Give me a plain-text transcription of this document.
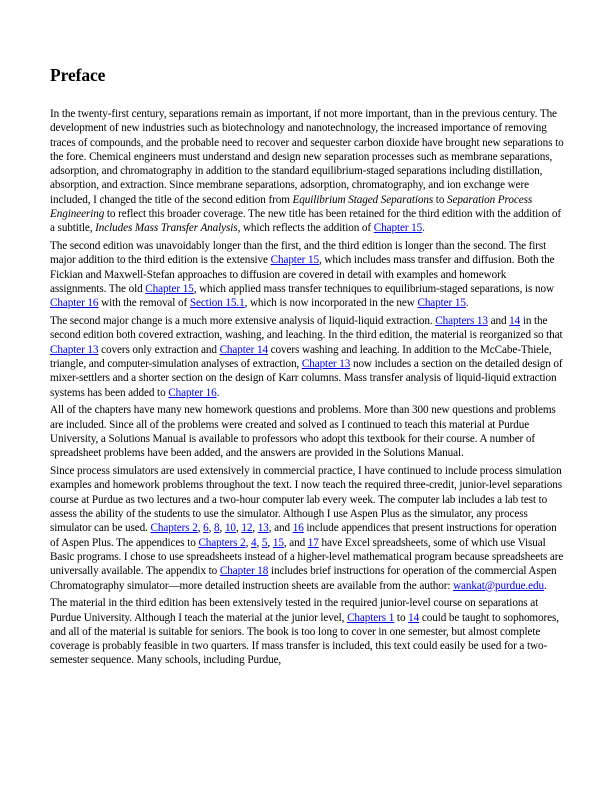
Preface

In the twenty-first century, separations remain as important, if not more important, than in the previous century. The development of new industries such as biotechnology and nanotechnology, the increased importance of removing traces of compounds, and the probable need to recover and sequester carbon dioxide have brought new separations to the fore. Chemical engineers must understand and design new separation processes such as membrane separations, adsorption, and chromatography in addition to the standard equilibrium-staged separations including distillation, absorption, and extraction. Since membrane separations, adsorption, chromatography, and ion exchange were included, I changed the title of the second edition from Equilibrium Staged Separations to Separation Process Engineering to reflect this broader coverage. The new title has been retained for the third edition with the addition of a subtitle, Includes Mass Transfer Analysis, which reflects the addition of Chapter 15.

The second edition was unavoidably longer than the first, and the third edition is longer than the second. The first major addition to the third edition is the extensive Chapter 15, which includes mass transfer and diffusion. Both the Fickian and Maxwell-Stefan approaches to diffusion are covered in detail with examples and homework assignments. The old Chapter 15, which applied mass transfer techniques to equilibrium-staged separations, is now Chapter 16 with the removal of Section 15.1, which is now incorporated in the new Chapter 15.

The second major change is a much more extensive analysis of liquid-liquid extraction. Chapters 13 and 14 in the second edition both covered extraction, washing, and leaching. In the third edition, the material is reorganized so that Chapter 13 covers only extraction and Chapter 14 covers washing and leaching. In addition to the McCabe-Thiele, triangle, and computer-simulation analyses of extraction, Chapter 13 now includes a section on the detailed design of mixer-settlers and a shorter section on the design of Karr columns. Mass transfer analysis of liquid-liquid extraction systems has been added to Chapter 16.

All of the chapters have many new homework questions and problems. More than 300 new questions and problems are included. Since all of the problems were created and solved as I continued to teach this material at Purdue University, a Solutions Manual is available to professors who adopt this textbook for their course. A number of spreadsheet problems have been added, and the answers are provided in the Solutions Manual.

Since process simulators are used extensively in commercial practice, I have continued to include process simulation examples and homework problems throughout the text. I now teach the required three-credit, junior-level separations course at Purdue as two lectures and a two-hour computer lab every week. The computer lab includes a lab test to assess the ability of the students to use the simulator. Although I use Aspen Plus as the simulator, any process simulator can be used. Chapters 2, 6, 8, 10, 12, 13, and 16 include appendices that present instructions for operation of Aspen Plus. The appendices to Chapters 2, 4, 5, 15, and 17 have Excel spreadsheets, some of which use Visual Basic programs. I chose to use spreadsheets instead of a higher-level mathematical program because spreadsheets are universally available. The appendix to Chapter 18 includes brief instructions for operation of the commercial Aspen Chromatography simulator—more detailed instruction sheets are available from the author: wankat@purdue.edu.

The material in the third edition has been extensively tested in the required junior-level course on separations at Purdue University. Although I teach the material at the junior level, Chapters 1 to 14 could be taught to sophomores, and all of the material is suitable for seniors. The book is too long to cover in one semester, but almost complete coverage is probably feasible in two quarters. If mass transfer is included, this text could easily be used for a two-semester sequence. Many schools, including Purdue,
